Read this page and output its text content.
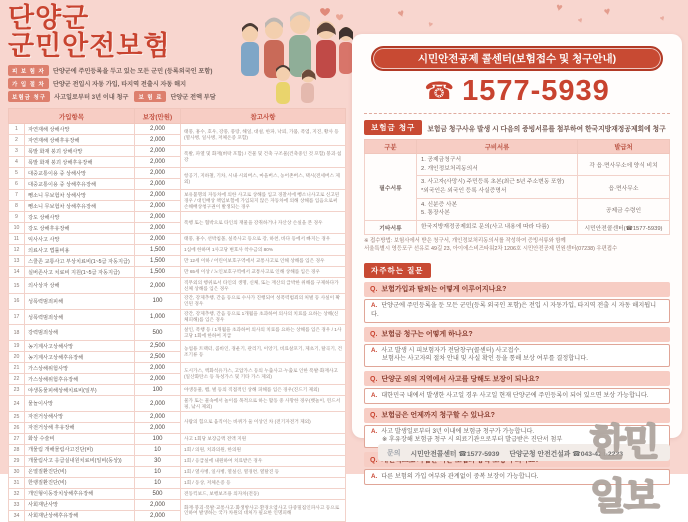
♥
♥
♥
♥
♥	♥
단양군
군민안전보험
피 보 험 자	단양군에 주민등록을 두고 있는 모든 군민 (등록외국인 포함)
가 입 절 차	단양군 전입시 자동 가입, 타지역 전출시 자동 해지
보험금 청구	사고일로부터 3년 이내 청구	보 험 료	단양군 전액 부담
가입항목		보장(만원)	참고사항
1	자연재해 상해사망	2,000	태풍, 홍수, 호우, 강풍, 풍랑, 해일, 대설, 한파, 낙뢰, 가뭄, 폭염, 지진, 황사 등 (열사병, 일사병, 저체온증 포함)
2	자연재해 상해후유장해	2,000	
3	폭발 화재 붕괴 상해사망	2,000	폭발, 파열 및 화재(벼락 포함) / 건물 및 건축 구조물(건축중인 것 포함) 붕괴·침강
4	폭발 화재 붕괴 상해후유장해	2,000	
5	대중교통이용 중 상해사망	2,000	항공기, 지하철, 기차, 시내·시외버스, 마을버스, 농어촌버스, 택시(전세버스 제외)
6	대중교통이용 중 상해후유장해	2,000	
7	뺑소니 무보험차 상해사망	2,000	보유불명의 자동차에 의한 사고로 상해를 입고 경찰서에 뺑소니사고로 신고된 경우 / 대인배상 책임보험에 가입되지 않은 자동차에 의해 상해를 입음으로써 손해배상청구권이 발생되는 경우
8	뺑소니 무보험차 상해후유장해	2,000	
9	강도 상해사망	2,000	폭행 또는 협박으로 타인의 재물을 강취하거나 자산상 손실을 본 경우
10	강도 상해후유장해	2,000	
11	익사사고 사망	2,000	태풍, 홍수, 선박침몰, 실족사고 등으로 강, 하천, 바다 등에서 빠지는 경우
12	의료사고 법률비용	1,500	1심에 한하며 1사고당 변호사 착수금의 80%
13	스쿨존 교통사고 부상치료비(1~5급 자동지급)	1,500	만 12세 이하 / 어린이보호구역에서 교통사고로 인해 상해를 입은 경우
14	실버존사고 치료비 지원(1~5급 자동지급)	1,500	만 65세 이상 / 노인보호구역에서 교통사고로 인해 상해를 입은 경우
15	의사상자 상해	2,000	직무외의 행위로서 타인의 생명, 신체, 또는 재산의 급박한 위해를 구제하다가 신체 상해를 입은 경우
16	성폭력범죄피해	100	강간, 강제추행, 간음 등으로 수사가 진행되어 성폭력범죄의 처벌 등 사실이 확인된 경우
17	성폭력범죄상해	1,000	강간, 강제추행, 간음 등으로 1개월을 초과하여 의사의 치료를 요하는 상해(신체피해)를 입은 경우
18	강력범죄상해	500	살인, 폭행 등 / 1개월을 초과하여 의사의 치료를 요하는 상해를 입은 경우 / 1사고당 1회에 한하여 지급
19	농기계사고상해사망	2,500	농업용 트랙터, 콤바인, 경운기, 관리기, 이앙기, 비료살포기, 제초기, 탈곡기, 건조기류 등
20	농기계사고상해후유장해	2,500	
21	가스상해위험사망	2,000	도시가스, 액화석유가스, 고압가스 등의 누출사고·누출로 인한 폭발·화재사고 (일산화탄소 등 독성가스 및 기타 가스 제외)
22	가스상해위험후유장해	2,000	
23	야생동물피해상해치료비(일부)	100	야생동물, 뱀, 벌 등의 직접적인 상해 피해를 입은 경우(진드기 제외)
24	물놀이사망	2,000	물가 또는 물속에서 놀이를 목적으로 하는 활동 중 사망한 경우(뱃놀이, 윈드서핑, 낚시 제외)
25	자전거상해사망	2,000	사람의 힘으로 움직이는 바퀴가 둘 이상인 차 (전기자전거 제외)
26	자전거상해 후유장해	2,000	
27	화상 수술비	100	사고 1회당 보장금액 전액 지원
28	개물림 개해물림사고진단(비)	10	1회 / 의원, 치과의원, 한의원
29	개물림사고 응급실내원치료비(일비(동상))	30	1회 / 응급실에 내원하여 치료받은 경우
30	온열질환진단(비)	10	1회 / 열사병, 일사병, 열실신, 열경련, 열탈진 등
31	한랭질환진단(비)	10	1회 / 동상, 저체온증 등
32	개인형이동장치상해후유장해	500	전동킥보드, 보행보조용 의자차(전동)
33	사회재난사망	2,000	화재·붕괴·폭발·교통사고·화생방사고·환경오염사고 다중밀집인파사고 등으로 인하여 발생하는 국가 차원의 대처가 필요한 인명피해
34	사회재난상해후유장해	2,000	
시민안전공제 콜센터(보험접수 및 청구안내)
☎ 1577-5939
보험금 청구	보험금 청구사유 발생 시 다음의 증빙서류를 첨부하여 한국지방재정공제회에 청구
구분	구비서류	발급처
필수서류	1. 공제금청구서
2. 개인정보처리동의서	각 읍·면사무소에 양식 비치

	3. 사고자(사망시) 주민등록 초본(최근 5년 주소변동 포함)
*외국인은 외국인 등록 사실증명서	읍·면사무소

	4. 신분증 사본
5. 통장사본	공제금 수령인
기타서류	한국지방재정공제회로 문의(사고 내용에 따라 다름)	시민안전콜센터(☎1577-5939)
※ 접수방법: 보험사에서 받은 청구서, 개인정보처리동의서를 작성하여 증빙서류와 함께
서울특별시 영등포구 선유로 49길 23, 아이에스비즈타워2차 1206호 시민안전공제 민원센터(07238) 우편접수
자주하는 질문
Q. 보험가입과 탈퇴는 어떻게 이루어지나요?
A. 단양군에 주민등록을 둔 모든 군민(등록 외국인 포함)은 전입 시 자동가입, 타지역 전출 시 자동 해지됩니다.
Q. 보험금 청구는 어떻게 하나요?
A. 사고 발생 시 피보험자가 전담창구(콜센터) 사고접수.
보험사는 사고자의 절차 안내 및 사실 확인 등을 통해 보상 여부를 결정합니다.
Q. 단양군 외의 지역에서 사고를 당해도 보장이 되나요?
A. 대한민국 내에서 발생한 사고일 경우 사고일 현재 단양군에 주민등록이 되어 있으면 보상 가능합니다.
Q. 보험금은 언제까지 청구할 수 있나요?
A. 사고 발생일로부터 3년 이내에 보험금 청구가 가능합니다.
※ 후유장해 보험금 청구 시 의료기관으로부터 발급받은 진단서 첨부
Q.
A. 다른 보험의 가입 여부와 관계없이 중복 보장이 가능합니다.
문의 시민안전콜센터 ☎1577-5939 단양군청 안전건설과 ☎043-420-2223
한민일보
